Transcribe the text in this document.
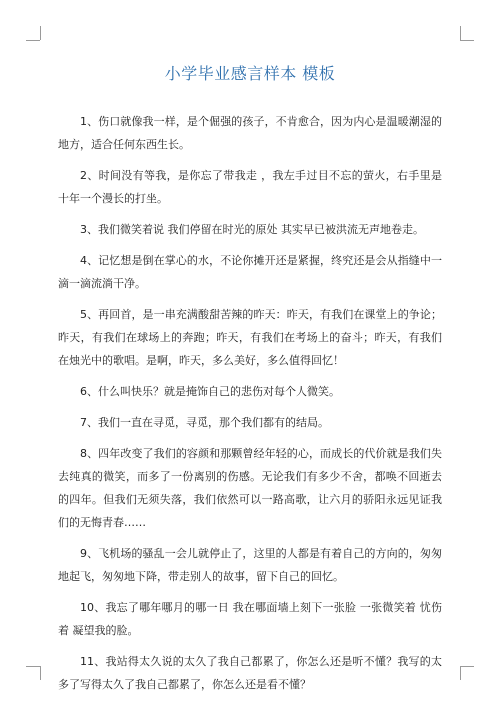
小学毕业感言样本 模板

1、伤口就像我一样，是个倔强的孩子，不肯愈合，因为内心是温暖潮湿的地方，适合任何东西生长。

2、时间没有等我，是你忘了带我走 ，我左手过目不忘的萤火，右手里是十年一个漫长的打坐。

3、我们微笑着说 我们停留在时光的原处 其实早已被洪流无声地卷走。

4、记忆想是倒在掌心的水，不论你摊开还是紧握，终究还是会从指缝中一滴一滴流淌干净。

5、再回首，是一串充满酸甜苦辣的昨天：昨天，有我们在课堂上的争论；昨天，有我们在球场上的奔跑；昨天，有我们在考场上的奋斗；昨天，有我们在烛光中的歌唱。是啊，昨天，多么美好，多么值得回忆！

6、什么叫快乐？就是掩饰自己的悲伤对每个人微笑。

7、我们一直在寻觅，寻觅，那个我们都有的结局。

8、四年改变了我们的容颜和那颗曾经年轻的心，而成长的代价就是我们失去纯真的微笑，而多了一份离别的伤感。无论我们有多少不舍，都唤不回逝去的四年。但我们无须失落，我们依然可以一路高歌，让六月的骄阳永远见证我们的无悔青春……

9、飞机场的骚乱一会儿就停止了，这里的人都是有着自己的方向的，匆匆地起飞，匆匆地下降，带走别人的故事，留下自己的回忆。

10、我忘了哪年哪月的哪一日 我在哪面墙上刻下一张脸 一张微笑着 忧伤着 凝望我的脸。

11、我站得太久说的太久了我自己都累了，你怎么还是听不懂？我写的太多了写得太久了我自己都累了，你怎么还是看不懂？
